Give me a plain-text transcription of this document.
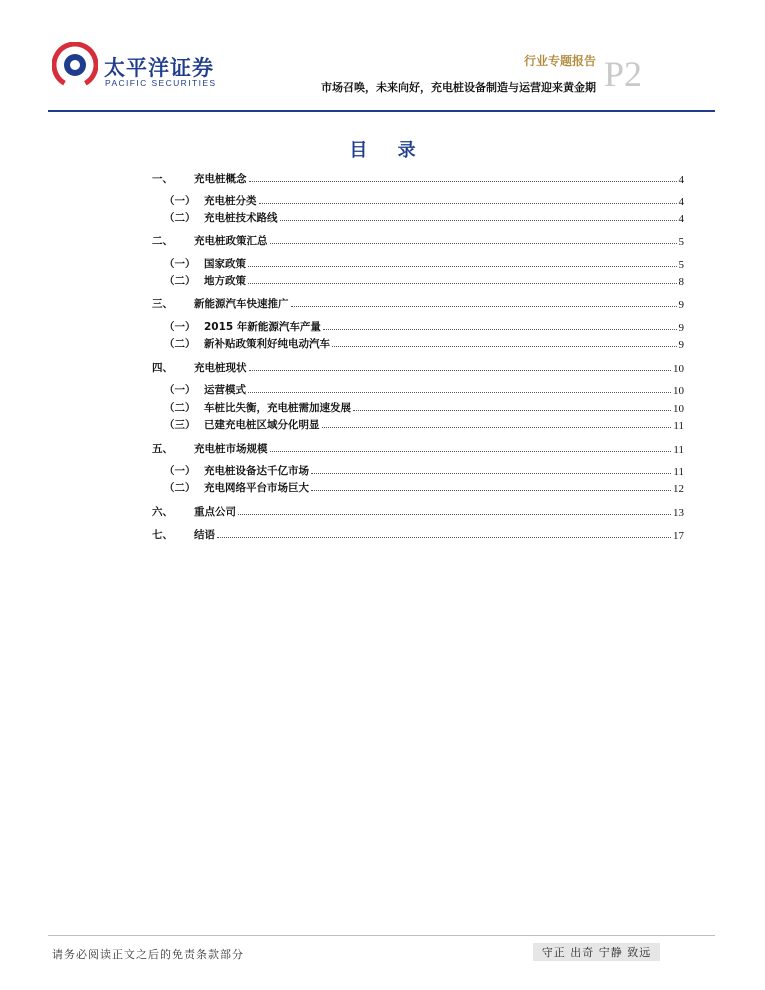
太平洋证券
PACIFIC SECURITIES
行业专题报告
市场召唤，未来向好，充电桩设备制造与运营迎来黄金期 P2
目 录
一、	充电桩概念	4
（一） 充电桩分类	4
（二） 充电桩技术路线	4
二、	充电桩政策汇总	5
（一） 国家政策	5
（二） 地方政策	8
三、	新能源汽车快速推广	9
（一） 2015 年新能源汽车产量	9
（二） 新补贴政策利好纯电动汽车	9
四、	充电桩现状	10
（一） 运营模式	10
（二） 车桩比失衡，充电桩需加速发展	10
（三） 已建充电桩区域分化明显	11
五、	充电桩市场规模	11
（一） 充电桩设备达千亿市场	11
（二） 充电网络平台市场巨大	12
六、	重点公司	13
七、	结语	17
请务必阅读正文之后的免责条款部分	守正 出奇 宁静 致远
